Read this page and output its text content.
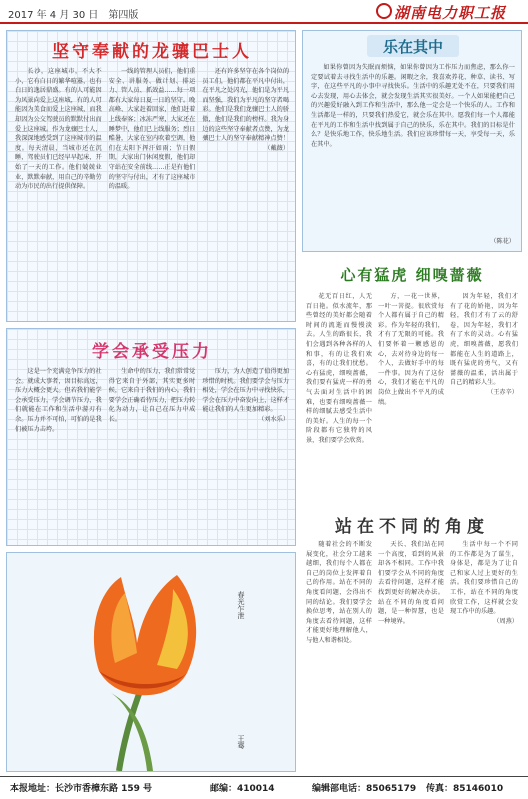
2017 年 4 月 30 日　第四版	湖南电力职工报
坚守奉献的龙骧巴士人

长沙，这座城市，不大不小，它有白日的繁华喧嚣，也有白日的逸居鼎盛。有的人可能因为风景向爱上这座城，有的人可能因为美食而爱上这座城，而我却因为公交驾驶员的默默付出而爱上这座城。作为龙骧巴士人，我深深地感受到了这座城市的温度。每天清晨，当城市还在沉睡，驾驶员们已经早早起床，开始了一天的工作。他们兢兢业业，默默奉献，用自己的辛勤劳动为市民的出行提供保障。

一线的管理人员们，他们重安全、讲服务、做计划、排运力、管人员、抓效益……每一项都有大家每日夏一日的坚守。晚高峰、大家赶着回家，他们赶着上线奉客；冰冻严寒，大家还在睡梦中，他们已上线服务；烈日酷暑，大家在室内吹着空调，他们在太阳下挥汗如雨；节日假期，大家出门休闲度假，他们却守站在安全前线……正是有他们的坚守与付出，才有了这座城市的温暖。

还有许多坚守在各个岗位的员工们，他们都在平凡中付出，在平凡之处闪光，他们是为平凡而坚强，我们为平凡的坚守者喝彩。他们是我们龙骧巴士人的骄傲，他们是我们的榜样。我为身边的这些坚守奉献者点赞，为龙骧巴士人的坚守奉献精神点赞！

（戴薇）
乐在其中

如果你曾因为失眠而烦恼，如果你曾因为工作压力而焦虑，那么你一定要试着去寻找生活中的乐趣。闲暇之余，我喜欢养花、种草、读书、写字，在这些平凡的小事中寻找快乐。生活中的乐趣无处不在，只要我们用心去发现，用心去体会，就会发现生活其实很美好。一个人如果能把自己的兴趣爱好融入到工作和生活中，那么他一定会是一个快乐的人。工作和生活都是一样的，只要我们热爱它，就会乐在其中。愿我们每一个人都能在平凡的工作和生活中找到属于自己的快乐，乐在其中。我们的目标是什么？是快乐地工作，快乐地生活。我们应该珍惜每一天，享受每一天，乐在其中。

（陈花）
心有猛虎 细嗅蔷薇

花无百日红，人无百日艳。似水流年，那些曾经的美好都会随着时间的流逝而慢慢淡去。人生的路很长，我们会遇到各种各样的人和事，有的让我们欢喜，有的让我们忧愁。心有猛虎，细嗅蔷薇，我们要有猛虎一样的勇气去面对生活中的困难，也要有细嗅蔷薇一样的细腻去感受生活中的美好。人生的每一个阶段都有它独特的风景，我们要学会欣赏。

方，一花一世界，一叶一菩提。很欣赏每个人都有属于自己的精彩。作为年轻的我们，才有了无限的可能。我们要怀着一颗感恩的心，去对待身边的每一个人，去做好手中的每一件事。因为有了这份心，我们才能在平凡的岗位上做出不平凡的成绩。

因为年轻，我们才有了花的娇艳，因为年轻，我们才有了云的舒卷，因为年轻，我们才有了水的灵动。心有猛虎，细嗅蔷薇，愿我们都能在人生的道路上，既有猛虎的勇气，又有蔷薇的温柔，活出属于自己的精彩人生。

（王赤辛）
学会承受压力

这是一个充满竞争压力的社会。就成大事者，因目标高远，压力大概会更大。但若我们能学会承受压力，学会调节压力，我们就能在工作和生活中游刃有余。压力并不可怕，可怕的是我们被压力击垮。

生命中的压力，我们常常觉得它来自于外部，其实更多时候，它来自于我们的内心。我们要学会正确看待压力，把压力转化为动力，让自己在压力中成长。

压力，为人创造了值得更加珍惜的时机。我们要学会与压力相处，学会在压力中寻找快乐，学会在压力中奋发向上，这样才能让我们的人生更加精彩。

（刘水乐）
春光乍泄
王骞
站在不同的角度

随着社会的不断发展变化，社会分工越来越细，我们每个人都在自己的岗位上发挥着自己的作用。站在不同的角度看问题，会得出不同的结论。我们要学会换位思考，站在别人的角度去看待问题，这样才能更好地理解他人，与他人和谐相处。

天长、我们站在同一个高度，看到的风景却各不相同。工作中我们要学会从不同的角度去看待问题，这样才能找到更好的解决办法。站在不同的角度看问题，是一种智慧，也是一种境界。

生活中每一个不同的工作都是为了谋生，身体是，都是为了让自己和家人过上更好的生活。我们要珍惜自己的工作，站在不同的角度欣赏工作，这样就会发现工作中的乐趣。

（周燕）
本报地址：长沙市香樟东路 159 号	邮编：410014	编辑部电话：85065179 传真：85146010
